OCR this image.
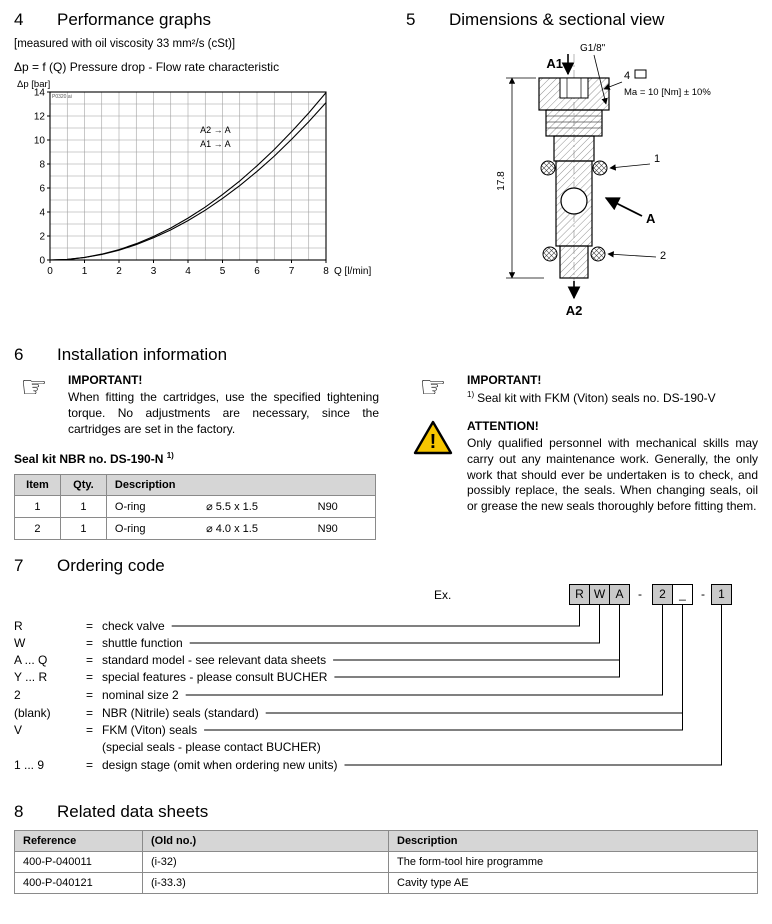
4	Performance graphs

[measured with oil viscosity 33 mm²/s (cSt)]

Δp = f (Q) Pressure drop - Flow rate characteristic

0	1	2	3	4	5	6	7	8
0
2
4
6
8
10
12
14
Δp [bar]
Q [l/min]
P0320.ai
A2 → A
A1 → A
5	Dimensions & sectional view
A1
G1/8"
4
Ma = 10 [Nm] ± 10%
1
A
2
A2
17.8
6	Installation information
☞	IMPORTANT!

When fitting the cartridges, use the specified tightening torque. No adjustments are necessary, since the cartridges are set in the factory.

Seal kit NBR no. DS-190-N $^{1)}$

Item	Qty.	Description		
1	1	O-ring	⌀ 5.5 x 1.5	N90
2	1	O-ring	⌀ 4.0 x 1.5	N90
☞	IMPORTANT!

$^{1)}$ Seal kit with FKM (Viton) seals no. DS-190-V

!
ATTENTION!

Only qualified personnel with mechanical skills may carry out any maintenance work. Generally, the only work that should ever be undertaken is to check, and possibly replace, the seals. When changing seals, oil or grease the new seals thoroughly before fitting them.

7	Ordering code
Ex.	R W A	-	2	_	-	1
R	= check valve
W	= shuttle function
A ... Q	= standard model - see relevant data sheets
Y ... R	= special features - please consult BUCHER
2	= nominal size 2
(blank)	= NBR (Nitrile) seals (standard)
V	= FKM (Viton) seals
(special seals - please contact BUCHER)
1 ... 9	= design stage (omit when ordering new units)
8	Related data sheets
Reference	(Old no.)	Description
400-P-040011	(i-32)	The form-tool hire programme
400-P-040121	(i-33.3)	Cavity type AE
